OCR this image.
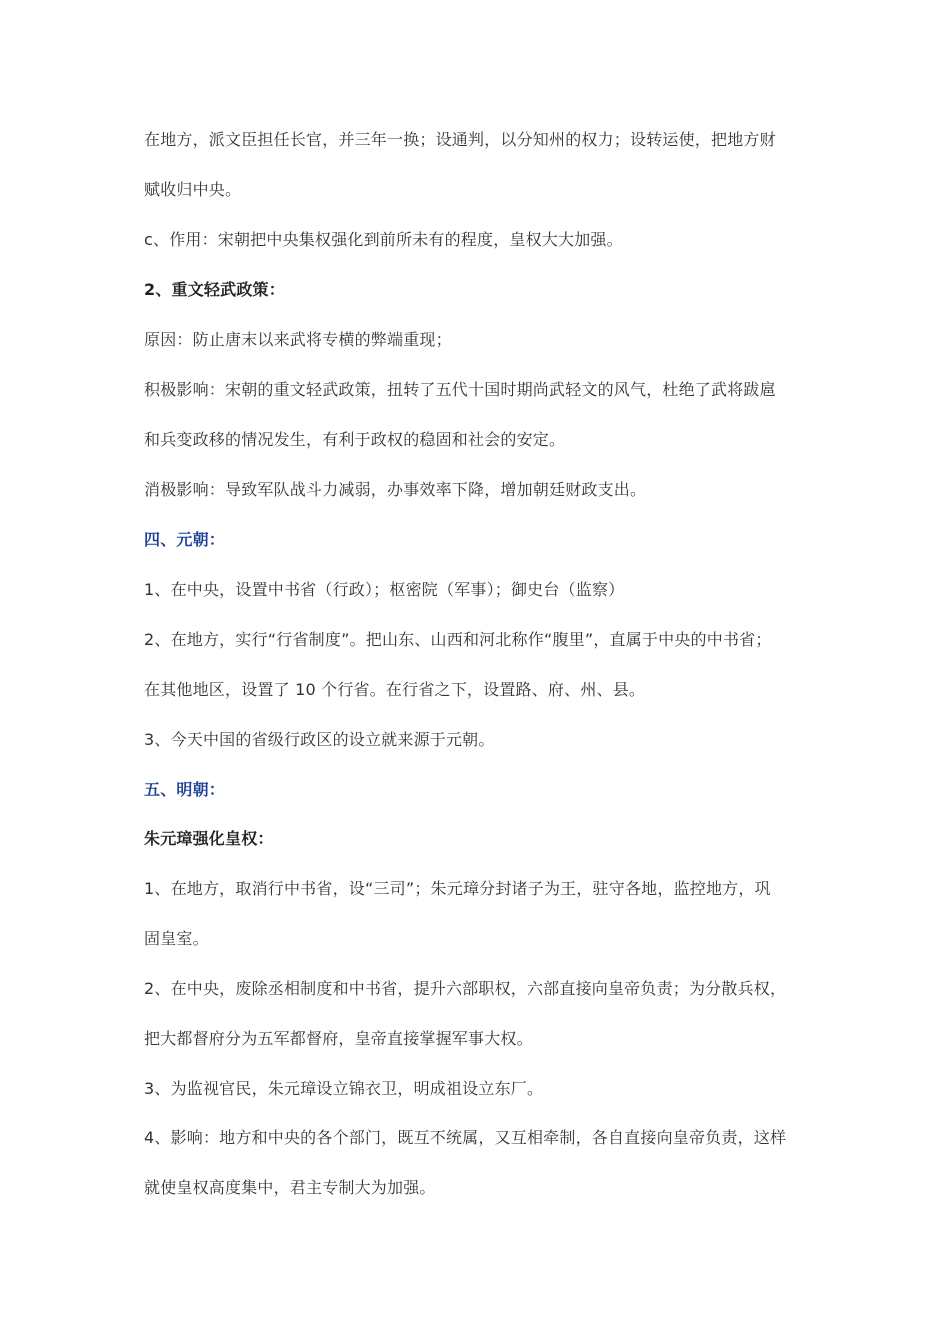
在地方，派文臣担任长官，并三年一换；设通判，以分知州的权力；设转运使，把地方财
赋收归中央。
c、作用：宋朝把中央集权强化到前所未有的程度，皇权大大加强。
2、重文轻武政策：
原因：防止唐末以来武将专横的弊端重现；
积极影响：宋朝的重文轻武政策，扭转了五代十国时期尚武轻文的风气，杜绝了武将跋扈
和兵变政移的情况发生，有利于政权的稳固和社会的安定。
消极影响：导致军队战斗力减弱，办事效率下降，增加朝廷财政支出。
四、元朝：
1、在中央，设置中书省（行政）；枢密院（军事）；御史台（监察）
2、在地方，实行“行省制度”。把山东、山西和河北称作“腹里”，直属于中央的中书省；
在其他地区，设置了 10 个行省。在行省之下，设置路、府、州、县。
3、今天中国的省级行政区的设立就来源于元朝。
五、明朝：
朱元璋强化皇权：
1、在地方，取消行中书省，设“三司”；朱元璋分封诸子为王，驻守各地，监控地方，巩
固皇室。
2、在中央，废除丞相制度和中书省，提升六部职权，六部直接向皇帝负责；为分散兵权，
把大都督府分为五军都督府，皇帝直接掌握军事大权。
3、为监视官民，朱元璋设立锦衣卫，明成祖设立东厂。
4、影响：地方和中央的各个部门，既互不统属，又互相牵制，各自直接向皇帝负责，这样
就使皇权高度集中，君主专制大为加强。
